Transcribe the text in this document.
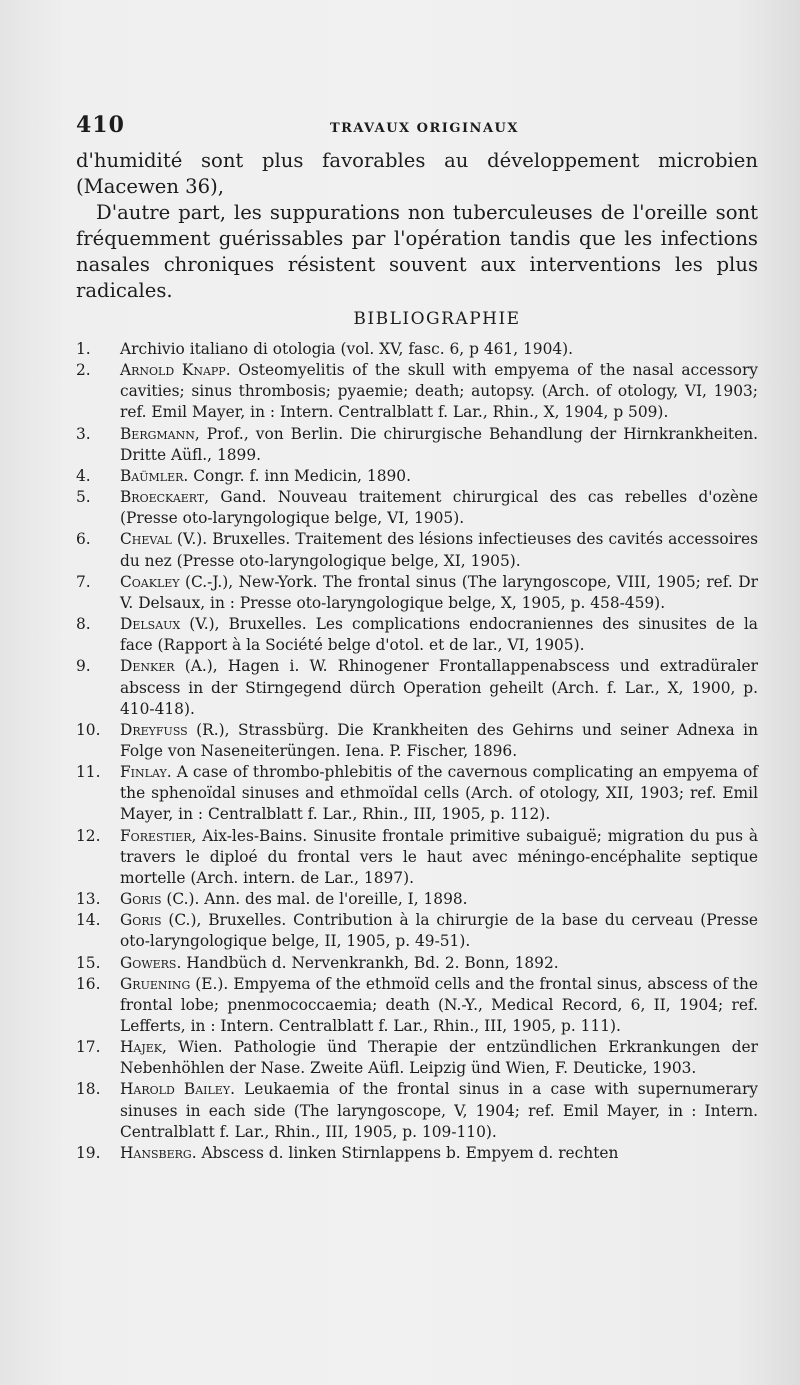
410	TRAVAUX ORIGINAUX

d'humidité sont plus favorables au développement microbien (Macewen 36),

D'autre part, les suppurations non tuberculeuses de l'oreille sont fréquemment guérissables par l'opération tandis que les infections nasales chroniques résistent souvent aux interventions les plus radicales.

BIBLIOGRAPHIE
1. Archivio italiano di otologia (vol. XV, fasc. 6, p 461, 1904).
2. Arnold Knapp. Osteomyelitis of the skull with empyema of the nasal accessory cavities; sinus thrombosis; pyaemie; death; autopsy. (Arch. of otology, VI, 1903; ref. Emil Mayer, in : Intern. Centralblatt f. Lar., Rhin., X, 1904, p 509).
3. Bergmann, Prof., von Berlin. Die chirurgische Behandlung der Hirnkrankheiten. Dritte Aüfl., 1899.
4. Baümler. Congr. f. inn Medicin, 1890.
5. Broeckaert, Gand. Nouveau traitement chirurgical des cas rebelles d'ozène (Presse oto-laryngologique belge, VI, 1905).
6. Cheval (V.). Bruxelles. Traitement des lésions infectieuses des cavités accessoires du nez (Presse oto-laryngologique belge, XI, 1905).
7. Coakley (C.-J.), New-York. The frontal sinus (The laryngoscope, VIII, 1905; ref. Dr V. Delsaux, in : Presse oto-laryngologique belge, X, 1905, p. 458-459).
8. Delsaux (V.), Bruxelles. Les complications endocraniennes des sinusites de la face (Rapport à la Société belge d'otol. et de lar., VI, 1905).
9. Denker (A.), Hagen i. W. Rhinogener Frontallappenabscess und extradüraler abscess in der Stirngegend dürch Operation geheilt (Arch. f. Lar., X, 1900, p. 410-418).
10. Dreyfuss (R.), Strassbürg. Die Krankheiten des Gehirns und seiner Adnexa in Folge von Naseneiterüngen. Iena. P. Fischer, 1896.
11. Finlay. A case of thrombo-phlebitis of the cavernous complicating an empyema of the sphenoïdal sinuses and ethmoïdal cells (Arch. of otology, XII, 1903; ref. Emil Mayer, in : Centralblatt f. Lar., Rhin., III, 1905, p. 112).
12. Forestier, Aix-les-Bains. Sinusite frontale primitive subaiguë; migration du pus à travers le diploé du frontal vers le haut avec méningo-encéphalite septique mortelle (Arch. intern. de Lar., 1897).
13. Goris (C.). Ann. des mal. de l'oreille, I, 1898.
14. Goris (C.), Bruxelles. Contribution à la chirurgie de la base du cerveau (Presse oto-laryngologique belge, II, 1905, p. 49-51).
15. Gowers. Handbüch d. Nervenkrankh, Bd. 2. Bonn, 1892.
16. Gruening (E.). Empyema of the ethmoïd cells and the frontal sinus, abscess of the frontal lobe; pnenmococcaemia; death (N.-Y., Medical Record, 6, II, 1904; ref. Lefferts, in : Intern. Centralblatt f. Lar., Rhin., III, 1905, p. 111).
17. Hajek, Wien. Pathologie ünd Therapie der entzündlichen Erkrankungen der Nebenhöhlen der Nase. Zweite Aüfl. Leipzig ünd Wien, F. Deuticke, 1903.
18. Harold Bailey. Leukaemia of the frontal sinus in a case with supernumerary sinuses in each side (The laryngoscope, V, 1904; ref. Emil Mayer, in : Intern. Centralblatt f. Lar., Rhin., III, 1905, p. 109-110).
19. Hansberg. Abscess d. linken Stirnlappens b. Empyem d. rechten
